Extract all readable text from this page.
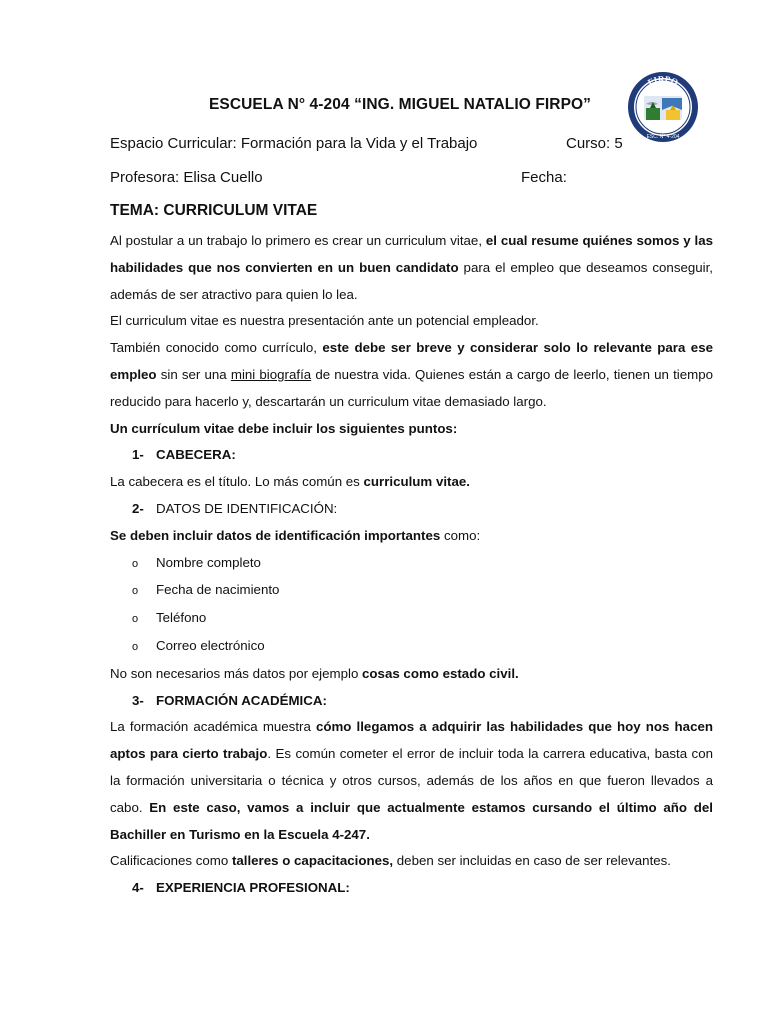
ESCUELA N° 4-204 “ING. MIGUEL NATALIO FIRPO”
FIRPO
ESC. N° 4-204
Espacio Curricular: Formación para la Vida y el Trabajo	Curso: 5
Profesora: Elisa Cuello	Fecha:
TEMA: CURRICULUM VITAE

Al postular a un trabajo lo primero es crear un curriculum vitae, el cual resume quiénes somos y las habilidades que nos convierten en un buen candidato para el empleo que deseamos conseguir, además de ser atractivo para quien lo lea.

El curriculum vitae es nuestra presentación ante un potencial empleador.

También conocido como currículo, este debe ser breve y considerar solo lo relevante para ese empleo sin ser una mini biografía de nuestra vida. Quienes están a cargo de leerlo, tienen un tiempo reducido para hacerlo y, descartarán un curriculum vitae demasiado largo.

Un currículum vitae debe incluir los siguientes puntos:

1- CABECERA:

La cabecera es el título. Lo más común es curriculum vitae.

2- DATOS DE IDENTIFICACIÓN:

Se deben incluir datos de identificación importantes como:

o Nombre completo

o Fecha de nacimiento

o Teléfono

o Correo electrónico

No son necesarios más datos por ejemplo cosas como estado civil.

3- FORMACIÓN ACADÉMICA:

La formación académica muestra cómo llegamos a adquirir las habilidades que hoy nos hacen aptos para cierto trabajo. Es común cometer el error de incluir toda la carrera educativa, basta con la formación universitaria o técnica y otros cursos, además de los años en que fueron llevados a cabo. En este caso, vamos a incluir que actualmente estamos cursando el último año del Bachiller en Turismo en la Escuela 4-247.

Calificaciones como talleres o capacitaciones, deben ser incluidas en caso de ser relevantes.

4- EXPERIENCIA PROFESIONAL:
